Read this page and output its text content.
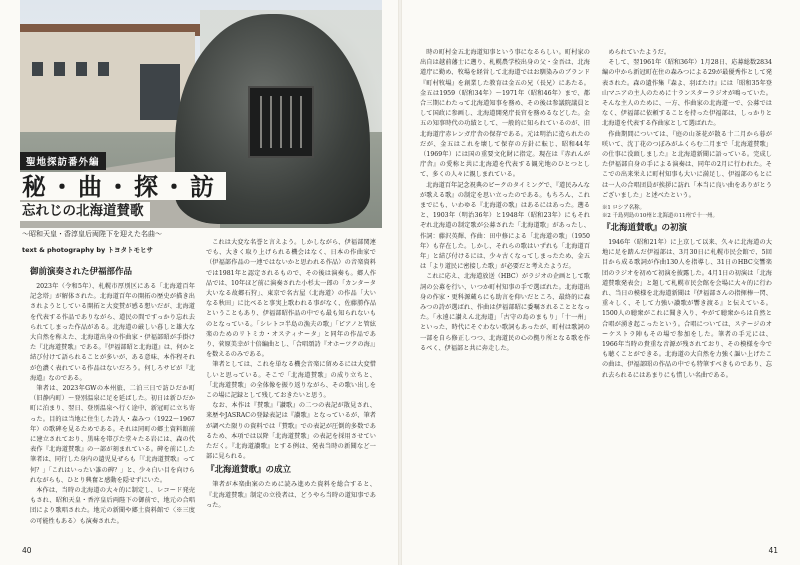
聖地探訪番外編
秘・曲・探・訪
忘れじの北海道賛歌
〜昭和天皇・香淳皇后両陛下を迎えた名曲〜
text & photography by トヨタトモヒサ
御前演奏された伊福部作品

2023年（令和5年）、札幌市厚別区にある「北海道百年記念塔」が解体された。北海道百年の開拓の歴史が描き出されようとしている開拓と大変賛が感る想いだが、北海道を代表する作品でありながら、道民の間ですっかり忘れ去られてしまった作品がある。北海道の厳しい暮しと雄大な大自然を称えた、北海道出身の作曲家・伊福部昭が手掛けた『北海道賛歌』である。『伊福部昭と北海道』は、何かと結び付けて語られることが多いが、ある意味、本作程それが色濃く表れている作品はないだろう。何しろサビが『北海道』なのである。

筆者は、2023年GWの本州旅、二泊三日で訪ひだか町（旧静内町）〜登別温泉に足を延ばした。初日は新ひだか町に泊まり、翌日、登別温泉へ行く途中、新冠町に立ち寄った。目的は当地に住生した詩人・森みつ（1922〜1967年）の歌碑を見るためである。それは同町の郷土資料館前に建立されており、黒味を帯びた堂々たる岩には、森の代表作『北海道賛歌』の一部が刻まれている。碑を前にした筆者は、同行した身内の遺児見ぜらも「『北海道賛歌』って何？」「これはいったい誰の碑？」と、少々白い目を向けられながらも、ひとり興奮と感動を隠せずにいた。

本作は、当時の北海道の大々的に制定し、レコード発売もされ、昭和天皇・香淳皇后両陛下の御前で、地元の合唱団により歌唱された。地元の新聞や郷土資料館で〈※三度の可能性もある〉も演奏された。

これは大変な名誉と言えよう。しかしながら、伊福部関連でも、大きく取り上げられる機会はなく、日本の作曲家で（伊福部作品の一連ではないかと思われる作品）の音楽資料では1981年と認定されるもので、その後は演奏も。郷人作品では、10年ほど前に演奏された小杉太一郎の「カンタータ大いなる故郷石狩」、東京で名古屋（北海道）の作品「大いなる秋田」に比べると事実上歌われる事がなく、佐藤勝作品ということもあり、伊福部昭作品の中でも最も知られないものとなっている。「シレトコ半島の漁夫の歌」「ピアノと管絃楽のためのリトミカ・オスティナータ」と同年の作品であり、菅原美幸が十倍編曲とし、「合唱頌詩『オホーツクの海』」を数えるのみである。

筆者としては、これを単なる機会音楽に留めるには大変惜しいと思っている。そこで「北海道賛歌」の成り立ちと、「北海道賛歌」の全体像を振り返りながら、その歌い出しをこの場に記録として残しておきたいと思う。

なお、本作は『賛歌』『讃歌』の二つの表記が散見され、来歴やJASRACの登録表記は『讃歌』となっているが、筆者が調べた限りの資料では『賛歌』での表記が圧倒的多数であるため、本項では以降「北海道賛歌」の表記を採用させていただく。『北海道讃歌』とする例は、発表当時の新聞など一部に見られる。

『北海道賛歌』の成立

筆者が本楽曲案のために読み進めた資料を総合すると、『北海道賛歌』制定の立役者は、どうやら当時の道知事であった。

40

時の町村金五北海道知事という事になるらしい。町村家の出自は越前藩士に遡り、札幌農学校出身の父・金吾は、北海道庁に勤め、牧場を経営して北海道ではお馴染みのブランド『町村牧場』を創業した教育は金五の兄（長兄）にあたる。金五は1959（昭和34年）〜1971年（昭和46年）まで、都合三期にわたって北海道知事を務め、その後は参議院議員として国政に参画し、北海道開発庁長官を務めるなどした。金五の知事時代の功績として、一般的に知られているのが、旧北海道庁赤レンガ庁舎の保存である。元は明治に造られたのだが、金五はこれを壊して保存の方針に転じ、昭和44年（1969年）には国の重要文化財に指定。現在は『赤れんが庁舎』の愛称と共に北海道を代表する観光地のひとつとして、多くの人々に親しまれている。

北海道百年記念祝典のピークのタイミングで、『道民みんなが歌える歌』の制定を思い立ったのである。もちろん、これまでにも、いわゆる『北海道の歌』はあるにはあった。遡ると、1903年（明治36年）と1948年（昭和23年）にもそれぞれ北海道の制定歌が公募された「北海道歌」があったし、作詞：藤沢英輝、作曲：田中修による「北海道の歌」（1950年）も存在した。しかし、それらの歌はいずれも「北海道百年」と結び付けるには、少々古くなってしまったため、金五は「より道民に密接した歌」が必要だと考えたようだ。

これに応え、北海道放送（HBC）がラジオの企画として歌詞の公募を行い、いつか町村知事の手で選ばれた。北海道出身の作家・更科源蔵らにも助言を仰いだところ、最終的に森みつの詩が選ばれ、作曲は伊福部昭に委嘱されることとなった。「永遠に讃えん北海道」「古守の島のまもり」「十一州」といった、時代にそぐわない歌詞もあったが、町村は歌詞の一部を自ら修正しつつ、北海道民の心の拠り所となる歌を作るべく、伊福部と共に奔走した。

められていたようだ。

そして、翌1961年（昭和36年）1月28日、応募総数2834編の中から新冠町在住の森みつによる29が最優秀作として発表された。森の遺作集『森よ、羽ばたけ』には「昭和35年登山マニアの主人のために十ランスターラジオが鳴っていた。そんな主人のために、一方、作曲家の北海道一で、公募ではなく、伊福部に依頼することを持った伊福部は、しっかりと北海道を代表する作曲家として選ばれた。

作曲期間については、『庭の山茶花が散る十二月から暮が咲いて、沈丁花のつぼみがふくらむ二月まで「北海道賛歌」の仕事に没頭しました』と北海道新聞に語っている。完成した伊福部自身の手による演奏は、同年の2月に行われた。そこでの出来栄えに町村知事も大いに満足し、伊福部のもとには一人の合唱団員が挨拶に訪れ「本当に良い曲をありがとうございました」と述べたという。

※1 ロシア名称。
※2 千島列島の10州と北海道の11州で十一州。
『北海道賛歌』の初演

1946年（昭和21年）に上京して以来、久々に北海道の大地に足を踏んだ伊福部は、3月30日に札幌市民会館で、5回目から成る歌詞が作曲130人を指導し、31日のHBC交響楽団のラジオを初めて初演を披露した。4月1日の初演は「北海道賛歌発表会」と題して札幌市民会館を会場に大々的に行われ、当日の模様を北海道新聞は『伊福部さんの指揮棒一閃、重々しく、そして力強い讃歌が響き渡る』と伝えている。1500人の聴衆がこれに聞き入り、やがて聴衆からは自然と合唱が湧き起こったという。合唱については、ステージのオーケストラ陣もその場で参加をした。筆者の手元には、1966年当時の貴重な音源が残されており、その模様を今でも聴くことができる。北海道の大自然を力強く謳い上げたこの曲は、伊福部昭の作品の中でも特筆すべきものであり、忘れ去られるにはあまりにも惜しい名曲である。

41
